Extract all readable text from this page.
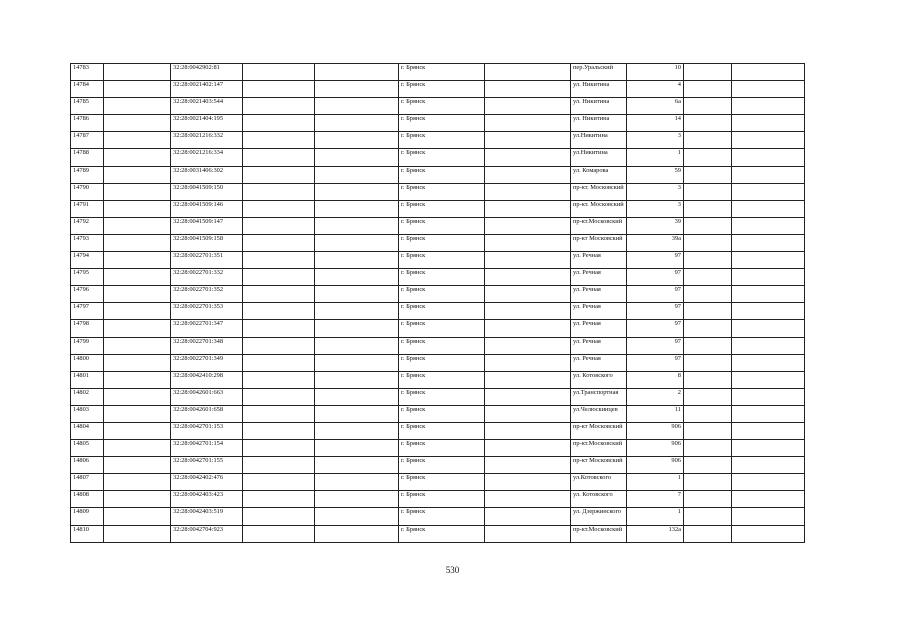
14783		32:28:0042902:81			г. Брянск		пер.Уральский	10		
14784		32:28:0021402:147			г. Брянск		ул. Никитина	4		
14785		32:28:0021403:544			г. Брянск		ул. Никитина	6а		
14786		32:28:0021404:195			г. Брянск		ул. Никитина	14		
14787		32:28:0021216:332			г. Брянск		ул.Никитина	3		
14788		32:28:0021216:334			г. Брянск		ул.Никитина	1		
14789		32:28:0031406:302			г. Брянск		ул. Комарова	59		
14790		32:28:0041509:150			г. Брянск		пр-кт. Московский	3		
14791		32:28:0041509:146			г. Брянск		пр-кт. Московский	3		
14792		32:28:0041509:147			г. Брянск		пр-кт.Московский	39		
14793		32:28:0041509:158			г. Брянск		пр-кт Московский	39а		
14794		32:28:0022701:351			г. Брянск		ул. Речная	97		
14795		32:28:0022701:332			г. Брянск		ул. Речная	97		
14796		32:28:0022701:352			г. Брянск		ул. Речная	97		
14797		32:28:0022701:353			г. Брянск		ул. Речная	97		
14798		32:28:0022701:347			г. Брянск		ул. Речная	97		
14799		32:28:0022701:348			г. Брянск		ул. Речная	97		
14800		32:28:0022701:349			г. Брянск		ул. Речная	97		
14801		32:28:0042410:298			г. Брянск		ул. Котовского	8		
14802		32:28:0042601:663			г. Брянск		ул.Транспортная	2		
14803		32:28:0042601:658			г. Брянск		ул.Челюскинцев	11		
14804		32:28:0042701:153			г. Брянск		пр-кт Московский	906		
14805		32:28:0042701:154			г. Брянск		пр-кт.Московский	906		
14806		32:28:0042701:155			г. Брянск		пр-кт Московский	906		
14807		32:28:0042402:476			г. Брянск		ул.Котовского	1		
14808		32:28:0042403:423			г. Брянск		ул. Котовского	7		
14809		32:28:0042403:519			г. Брянск		ул. Дзержинского	1		
14810		32:28:0042704:923			г. Брянск		пр-кт.Московский	132а		
530
